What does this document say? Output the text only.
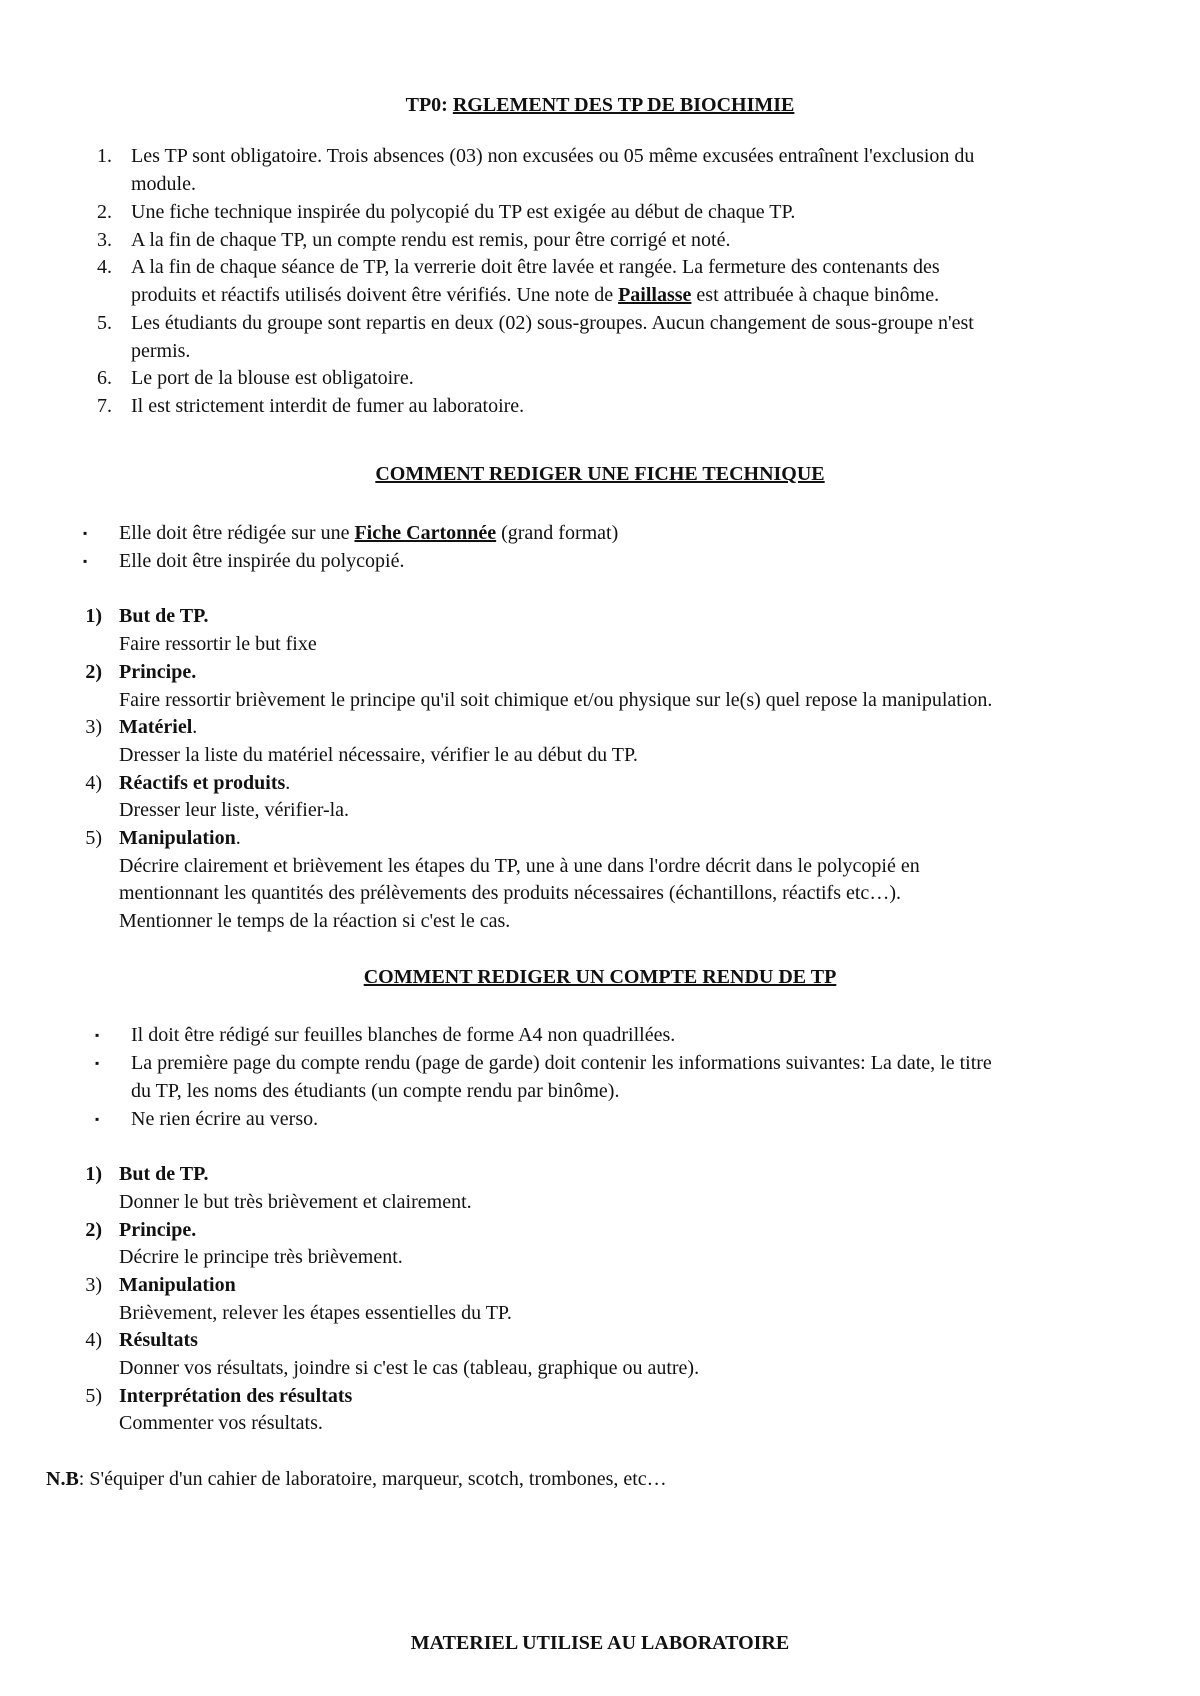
TP0: RGLEMENT DES TP DE BIOCHIMIE
1. Les TP sont obligatoire. Trois absences (03) non excusées ou 05 même excusées entraînent l'exclusion du
module.
2. Une fiche technique inspirée du polycopié du TP est exigée au début de chaque TP.
3. A la fin de chaque TP, un compte rendu est remis, pour être corrigé et noté.
4. A la fin de chaque séance de TP, la verrerie doit être lavée et rangée. La fermeture des contenants des
produits et réactifs utilisés doivent être vérifiés. Une note de Paillasse est attribuée à chaque binôme.
5. Les étudiants du groupe sont repartis en deux (02) sous-groupes. Aucun changement de sous-groupe n'est
permis.
6. Le port de la blouse est obligatoire.
7. Il est strictement interdit de fumer au laboratoire.
COMMENT REDIGER UNE FICHE TECHNIQUE
▪ Elle doit être rédigée sur une Fiche Cartonnée (grand format)
▪ Elle doit être inspirée du polycopié.
1) But de TP.
Faire ressortir le but fixe
2) Principe.
Faire ressortir brièvement le principe qu'il soit chimique et/ou physique sur le(s) quel repose la manipulation.
3) Matériel.
Dresser la liste du matériel nécessaire, vérifier le au début du TP.
4) Réactifs et produits.
Dresser leur liste, vérifier-la.
5) Manipulation.
Décrire clairement et brièvement les étapes du TP, une à une dans l'ordre décrit dans le polycopié en
mentionnant les quantités des prélèvements des produits nécessaires (échantillons, réactifs etc…).
Mentionner le temps de la réaction si c'est le cas.
COMMENT REDIGER UN COMPTE RENDU DE TP
▪ Il doit être rédigé sur feuilles blanches de forme A4 non quadrillées.
▪ La première page du compte rendu (page de garde) doit contenir les informations suivantes: La date, le titre
du TP, les noms des étudiants (un compte rendu par binôme).
▪ Ne rien écrire au verso.
1) But de TP.
Donner le but très brièvement et clairement.
2) Principe.
Décrire le principe très brièvement.
3) Manipulation
Brièvement, relever les étapes essentielles du TP.
4) Résultats
Donner vos résultats, joindre si c'est le cas (tableau, graphique ou autre).
5) Interprétation des résultats
Commenter vos résultats.
N.B: S'équiper d'un cahier de laboratoire, marqueur, scotch, trombones, etc…
MATERIEL UTILISE AU LABORATOIRE
